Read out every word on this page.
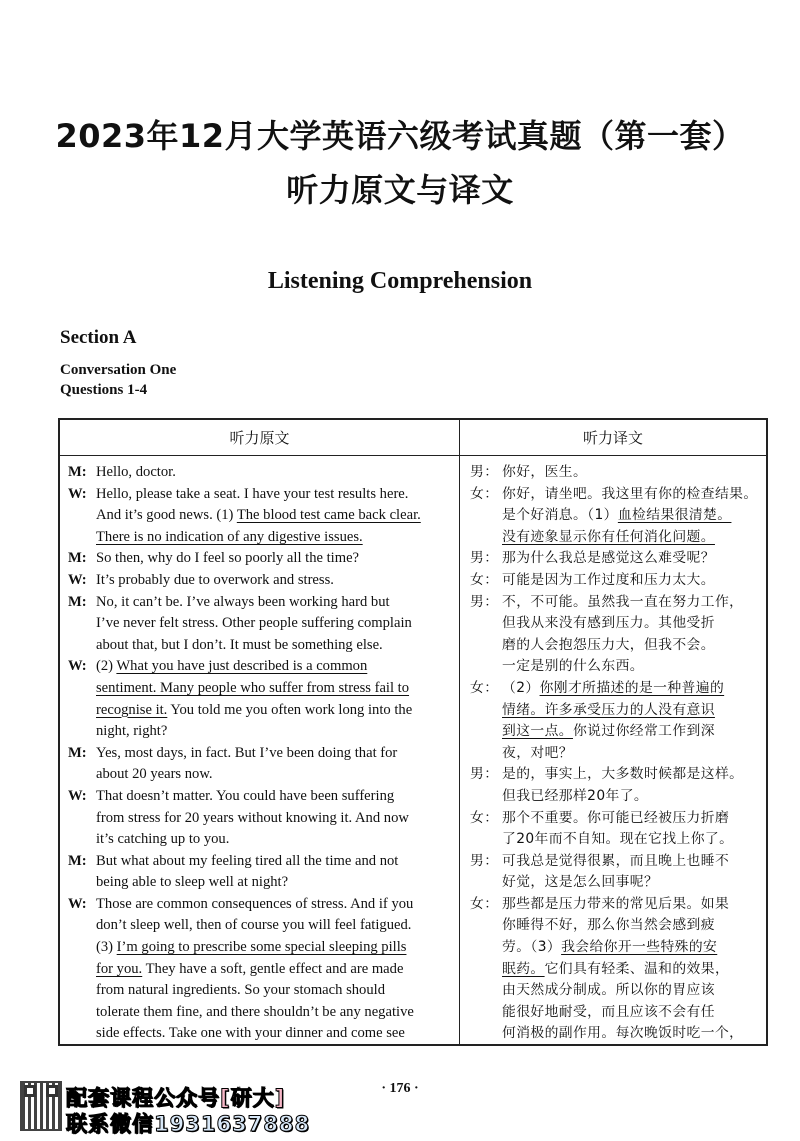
2023年12月大学英语六级考试真题（第一套）
听力原文与译文
Listening Comprehension
Section A
Conversation One
Questions 1-4
听力原文	听力译文
M: Hello, doctor.
W: Hello, please take a seat. I have your test results here.
And it’s good news. (1) The blood test came back clear.
There is no indication of any digestive issues.
M: So then, why do I feel so poorly all the time?
W: It’s probably due to overwork and stress.
M: No, it can’t be. I’ve always been working hard but
I’ve never felt stress. Other people suffering complain
about that, but I don’t. It must be something else.
W: (2) What you have just described is a common
sentiment. Many people who suffer from stress fail to
recognise it. You told me you often work long into the
night, right?
M: Yes, most days, in fact. But I’ve been doing that for
about 20 years now.
W: That doesn’t matter. You could have been suffering
from stress for 20 years without knowing it. And now
it’s catching up to you.
M: But what about my feeling tired all the time and not
being able to sleep well at night?
W: Those are common consequences of stress. And if you
don’t sleep well, then of course you will feel fatigued.
(3) I’m going to prescribe some special sleeping pills
for you. They have a soft, gentle effect and are made
from natural ingredients. So your stomach should
tolerate them fine, and there shouldn’t be any negative
side effects. Take one with your dinner and come see
男： 你好，医生。
女： 你好，请坐吧。我这里有你的检查结果。
是个好消息。（1）血检结果很清楚。
没有迹象显示你有任何消化问题。
男： 那为什么我总是感觉这么难受呢？
女： 可能是因为工作过度和压力太大。
男： 不，不可能。虽然我一直在努力工作，
但我从来没有感到压力。其他受折
磨的人会抱怨压力大，但我不会。
一定是别的什么东西。
女： （2）你刚才所描述的是一种普遍的
情绪。许多承受压力的人没有意识
到这一点。你说过你经常工作到深
夜，对吧？
男： 是的，事实上，大多数时候都是这样。
但我已经那样20年了。
女： 那个不重要。你可能已经被压力折磨
了20年而不自知。现在它找上你了。
男： 可我总是觉得很累，而且晚上也睡不
好觉，这是怎么回事呢？
女： 那些都是压力带来的常见后果。如果
你睡得不好，那么你当然会感到疲
劳。（3）我会给你开一些特殊的安
眠药。它们具有轻柔、温和的效果，
由天然成分制成。所以你的胃应该
能很好地耐受，而且应该不会有任
何消极的副作用。每次晚饭时吃一个，
配套课程公众号[研大]
联系微信1931637888
· 176 ·
